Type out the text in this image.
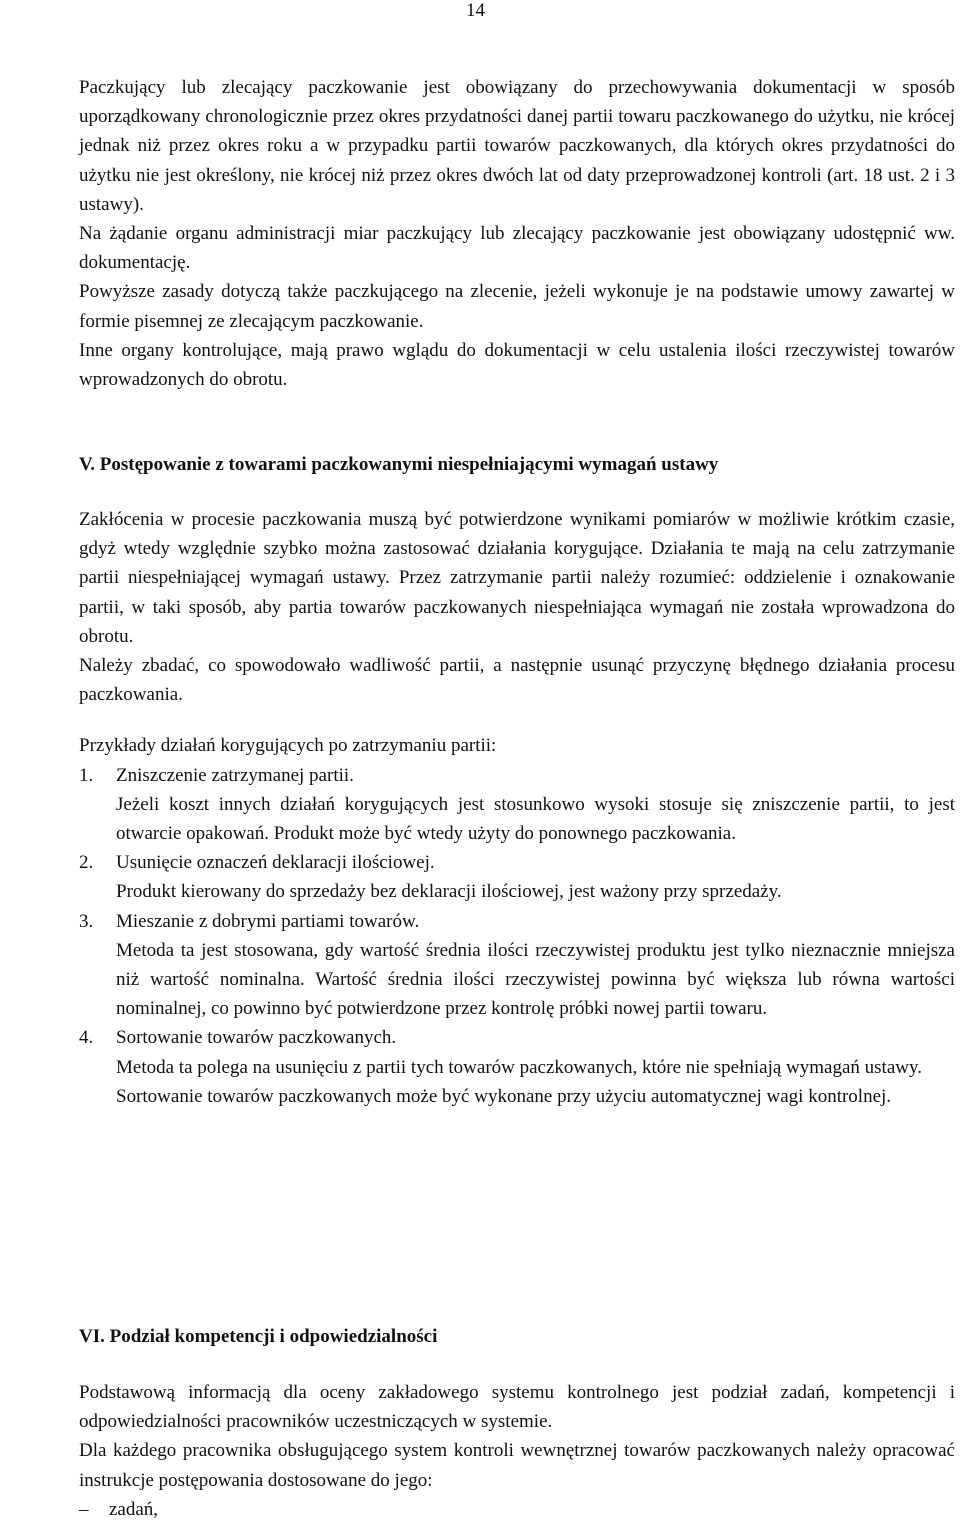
14

Paczkujący lub zlecający paczkowanie jest obowiązany do przechowywania dokumentacji w sposób uporządkowany chronologicznie przez okres przydatności danej partii towaru paczkowanego do użytku, nie krócej jednak niż przez okres roku a w przypadku partii towarów paczkowanych, dla których okres przydatności do użytku nie jest określony, nie krócej niż przez okres dwóch lat od daty przeprowadzonej kontroli (art. 18 ust. 2 i 3 ustawy).

Na żądanie organu administracji miar paczkujący lub zlecający paczkowanie jest obowiązany udostępnić ww. dokumentację.

Powyższe zasady dotyczą także paczkującego na zlecenie, jeżeli wykonuje je na podstawie umowy zawartej w formie pisemnej ze zlecającym paczkowanie.

Inne organy kontrolujące, mają prawo wglądu do dokumentacji w celu ustalenia ilości rzeczywistej towarów wprowadzonych do obrotu.

V. Postępowanie z towarami paczkowanymi niespełniającymi wymagań ustawy

Zakłócenia w procesie paczkowania muszą być potwierdzone wynikami pomiarów w możliwie krótkim czasie, gdyż wtedy względnie szybko można zastosować działania korygujące. Działania te mają na celu zatrzymanie partii niespełniającej wymagań ustawy. Przez zatrzymanie partii należy rozumieć: oddzielenie i oznakowanie partii, w taki sposób, aby partia towarów paczkowanych niespełniająca wymagań nie została wprowadzona do obrotu.

Należy zbadać, co spowodowało wadliwość partii, a następnie usunąć przyczynę błędnego działania procesu paczkowania.

Przykłady działań korygujących po zatrzymaniu partii:

1. Zniszczenie zatrzymanej partii.
Jeżeli koszt innych działań korygujących jest stosunkowo wysoki stosuje się zniszczenie partii, to jest otwarcie opakowań. Produkt może być wtedy użyty do ponownego paczkowania.
2. Usunięcie oznaczeń deklaracji ilościowej.
Produkt kierowany do sprzedaży bez deklaracji ilościowej, jest ważony przy sprzedaży.
3. Mieszanie z dobrymi partiami towarów.
Metoda ta jest stosowana, gdy wartość średnia ilości rzeczywistej produktu jest tylko nieznacznie mniejsza niż wartość nominalna. Wartość średnia ilości rzeczywistej powinna być większa lub równa wartości nominalnej, co powinno być potwierdzone przez kontrolę próbki nowej partii towaru.
4. Sortowanie towarów paczkowanych.
Metoda ta polega na usunięciu z partii tych towarów paczkowanych, które nie spełniają wymagań ustawy.
Sortowanie towarów paczkowanych może być wykonane przy użyciu automatycznej wagi kontrolnej.
VI. Podział kompetencji i odpowiedzialności

Podstawową informacją dla oceny zakładowego systemu kontrolnego jest podział zadań, kompetencji i odpowiedzialności pracowników uczestniczących w systemie.

Dla każdego pracownika obsługującego system kontroli wewnętrznej towarów paczkowanych należy opracować instrukcje postępowania dostosowane do jego:

– zadań,
